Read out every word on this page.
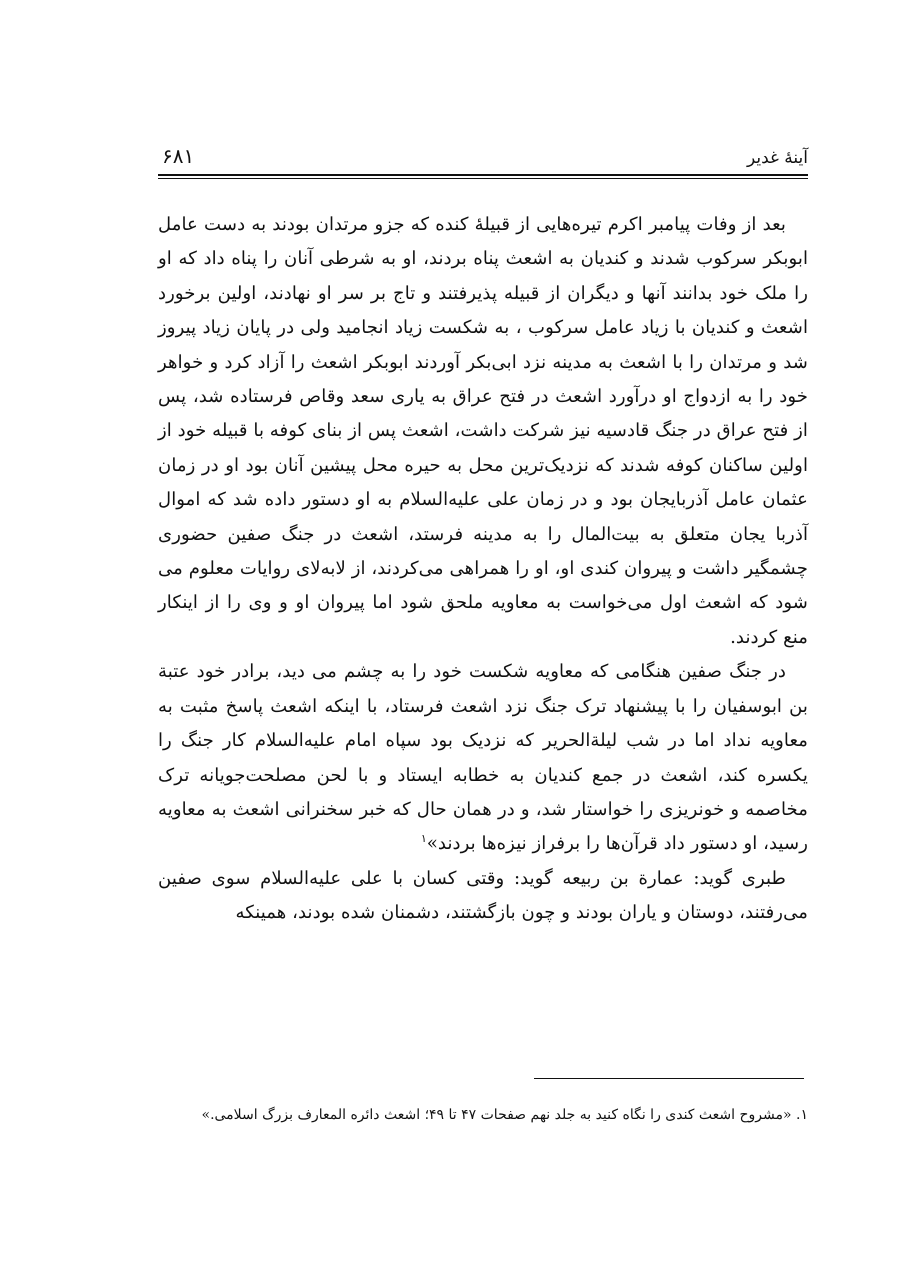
آینۀ غدیر
۶۸۱

بعد از وفات پیامبر اکرم تیره‌هایی از قبیلۀ کنده که جزو مرتدان بودند به دست عامل ابوبکر سرکوب شدند و کندیان به اشعث پناه بردند، او به شرطی آنان را پناه داد که او را ملک خود بدانند آنها و دیگران از قبیله پذیرفتند و تاج بر سر او نهادند، اولین برخورد اشعث و کندیان با زیاد عامل سرکوب ، به شکست زیاد انجامید ولی در پایان زیاد پیروز شد و مرتدان را با اشعث به مدینه نزد ابی‌بکر آوردند ابوبکر اشعث را آزاد کرد و خواهر خود را به ازدواج او درآورد اشعث در فتح عراق به یاری سعد وقاص فرستاده شد، پس از فتح عراق در جنگ قادسیه نیز شرکت داشت، اشعث پس از بنای کوفه با قبیله خود از اولین ساکنان کوفه شدند که نزدیک‌ترین محل به حیره محل پیشین آنان بود او در زمان عثمان عامل آذربایجان بود و در زمان علی علیه‌السلام به او دستور داده شد که اموال آذربا یجان متعلق به بیت‌المال را به مدینه فرستد، اشعث در جنگ صفین حضوری چشمگیر داشت و پیروان کندی او، او را همراهی می‌کردند، از لابه‌لای روایات معلوم می شود که اشعث اول می‌خواست به معاویه ملحق شود اما پیروان او و وی را از اینکار منع کردند.

در جنگ صفین هنگامی که معاویه شکست خود را به چشم می دید، برادر خود عتبة بن ابوسفیان را با پیشنهاد ترک جنگ نزد اشعث فرستاد، با اینکه اشعث پاسخ مثبت به معاویه نداد اما در شب لیلةالحریر که نزدیک بود سپاه امام علیه‌السلام کار جنگ را یکسره کند، اشعث در جمع کندیان به خطابه ایستاد و با لحن مصلحت‌جویانه ترک مخاصمه و خونریزی را خواستار شد، و در همان حال که خبر سخنرانی اشعث به معاویه رسید، او دستور داد قرآن‌ها را برفراز نیزه‌ها بردند»$^۱$

طبری گوید: عمارة بن ربیعه گوید: وقتی کسان با علی علیه‌السلام سوی صفین می‌رفتند، دوستان و یاران بودند و چون بازگشتند، دشمنان شده بودند، همینکه

۱. «مشروح اشعث کندی را نگاه کنید به جلد نهم صفحات ۴۷ تا ۴۹؛ اشعث دائره المعارف بزرگ اسلامی.»
